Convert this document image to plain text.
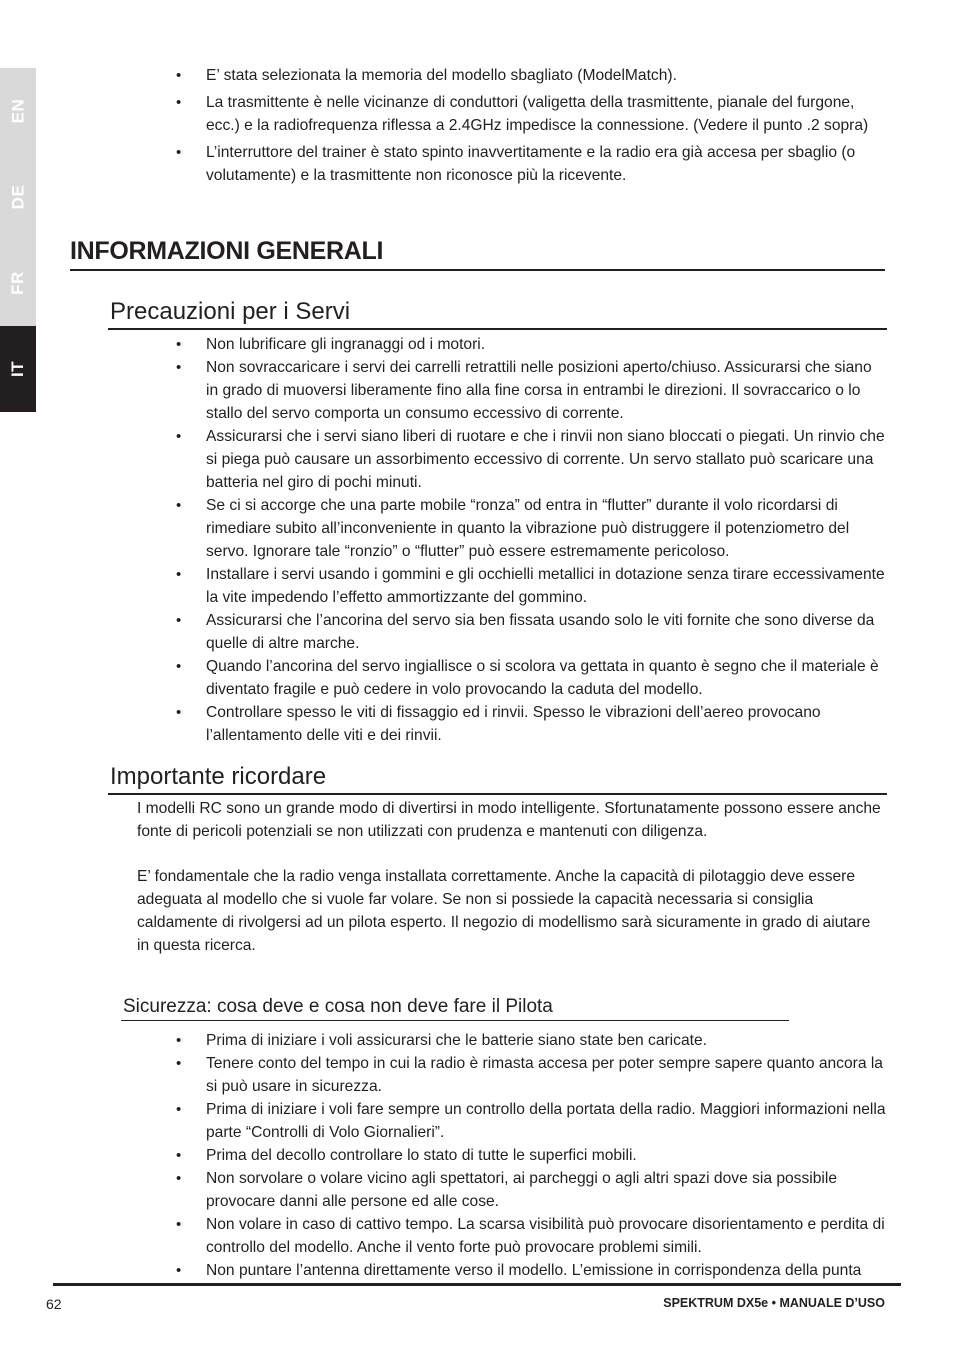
EN
DE
FR
IT
• E’ stata selezionata la memoria del modello sbagliato (ModelMatch).
• La trasmittente è nelle vicinanze di conduttori (valigetta della trasmittente, pianale del furgone, ecc.) e la radiofrequenza riflessa a 2.4GHz impedisce la connessione. (Vedere il punto .2 sopra)
• L’interruttore del trainer è stato spinto inavvertitamente e la radio era già accesa per sbaglio (o volutamente) e la trasmittente non riconosce più la ricevente.
INFORMAZIONI GENERALI
Precauzioni per i Servi
• Non lubrificare gli ingranaggi od i motori.
• Non sovraccaricare i servi dei carrelli retrattili nelle posizioni aperto/chiuso. Assicurarsi che siano in grado di muoversi liberamente fino alla fine corsa in entrambi le direzioni. Il sovraccarico o lo stallo del servo comporta un consumo eccessivo di corrente.
• Assicurarsi che i servi siano liberi di ruotare e che i rinvii non siano bloccati o piegati. Un rinvio che si piega può causare un assorbimento eccessivo di corrente. Un servo stallato può scaricare una batteria nel giro di pochi minuti.
• Se ci si accorge che una parte mobile “ronza” od entra in “flutter” durante il volo ricordarsi di rimediare subito all’inconveniente in quanto la vibrazione può distruggere il potenziometro del servo. Ignorare tale “ronzio” o “flutter” può essere estremamente pericoloso.
• Installare i servi usando i gommini e gli occhielli metallici in dotazione senza tirare eccessivamente la vite impedendo l’effetto ammortizzante del gommino.
• Assicurarsi che l’ancorina del servo sia ben fissata usando solo le viti fornite che sono diverse da quelle di altre marche.
• Quando l’ancorina del servo ingiallisce o si scolora va gettata in quanto è segno che il materiale è diventato fragile e può cedere in volo provocando la caduta del modello.
• Controllare spesso le viti di fissaggio ed i rinvii. Spesso le vibrazioni dell’aereo provocano l’allentamento delle viti e dei rinvii.
Importante ricordare
I modelli RC sono un grande modo di divertirsi in modo intelligente. Sfortunatamente possono essere anche fonte di pericoli potenziali se non utilizzati con prudenza e mantenuti con diligenza.
E’ fondamentale che la radio venga installata correttamente. Anche la capacità di pilotaggio deve essere adeguata al modello che si vuole far volare. Se non si possiede la capacità necessaria si consiglia caldamente di rivolgersi ad un pilota esperto. Il negozio di modellismo sarà sicuramente in grado di aiutare in questa ricerca.
Sicurezza: cosa deve e cosa non deve fare il Pilota
• Prima di iniziare i voli assicurarsi che le batterie siano state ben caricate.
• Tenere conto del tempo in cui la radio è rimasta accesa per poter sempre sapere quanto ancora la si può usare in sicurezza.
• Prima di iniziare i voli fare sempre un controllo della portata della radio. Maggiori informazioni nella parte “Controlli di Volo Giornalieri”.
• Prima del decollo controllare lo stato di tutte le superfici mobili.
• Non sorvolare o volare vicino agli spettatori, ai parcheggi o agli altri spazi dove sia possibile provocare danni alle persone ed alle cose.
• Non volare in caso di cattivo tempo. La scarsa visibilità può provocare disorientamento e perdita di controllo del modello. Anche il vento forte può provocare problemi simili.
• Non puntare l’antenna direttamente verso il modello. L’emissione in corrispondenza della punta
62	SPEKTRUM DX5e • MANUALE D’USO
